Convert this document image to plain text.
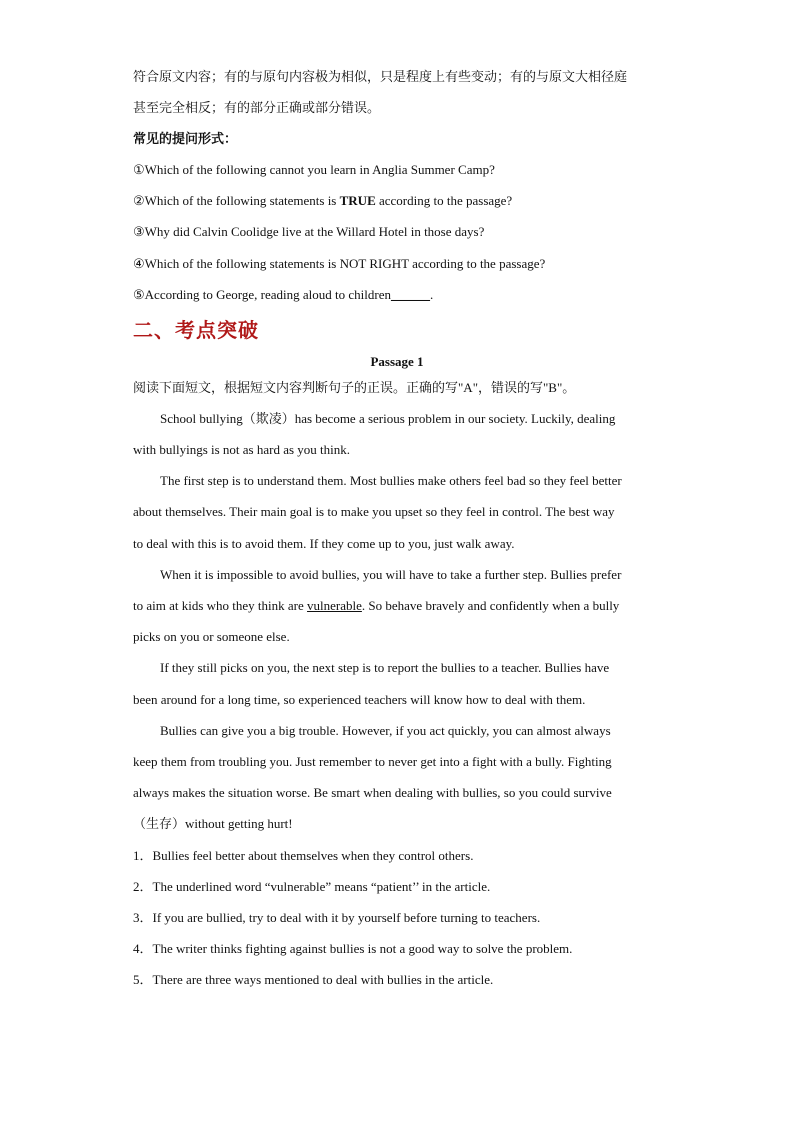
符合原文内容；有的与原句内容极为相似，只是程度上有些变动；有的与原文大相径庭
甚至完全相反；有的部分正确或部分错误。
常见的提问形式：
①Which of the following cannot you learn in Anglia Summer Camp?
②Which of the following statements is TRUE according to the passage?
③Why did Calvin Coolidge live at the Willard Hotel in those days?
④Which of the following statements is NOT RIGHT according to the passage?
⑤According to George, reading aloud to children______.
二、考点突破
Passage 1
阅读下面短文，根据短文内容判断句子的正误。正确的写"A"，错误的写"B"。
School bullying（欺凌）has become a serious problem in our society. Luckily, dealing
with bullyings is not as hard as you think.
The first step is to understand them. Most bullies make others feel bad so they feel better
about themselves. Their main goal is to make you upset so they feel in control. The best way
to deal with this is to avoid them. If they come up to you, just walk away.
When it is impossible to avoid bullies, you will have to take a further step. Bullies prefer
to aim at kids who they think are vulnerable. So behave bravely and confidently when a bully
picks on you or someone else.
If they still picks on you, the next step is to report the bullies to a teacher. Bullies have
been around for a long time, so experienced teachers will know how to deal with them.
Bullies can give you a big trouble. However, if you act quickly, you can almost always
keep them from troubling you. Just remember to never get into a fight with a bully. Fighting
always makes the situation worse. Be smart when dealing with bullies, so you could survive
（生存）without getting hurt!
1．Bullies feel better about themselves when they control others.
2．The underlined word “vulnerable” means “patient’’ in the article.
3．If you are bullied, try to deal with it by yourself before turning to teachers.
4．The writer thinks fighting against bullies is not a good way to solve the problem.
5．There are three ways mentioned to deal with bullies in the article.
